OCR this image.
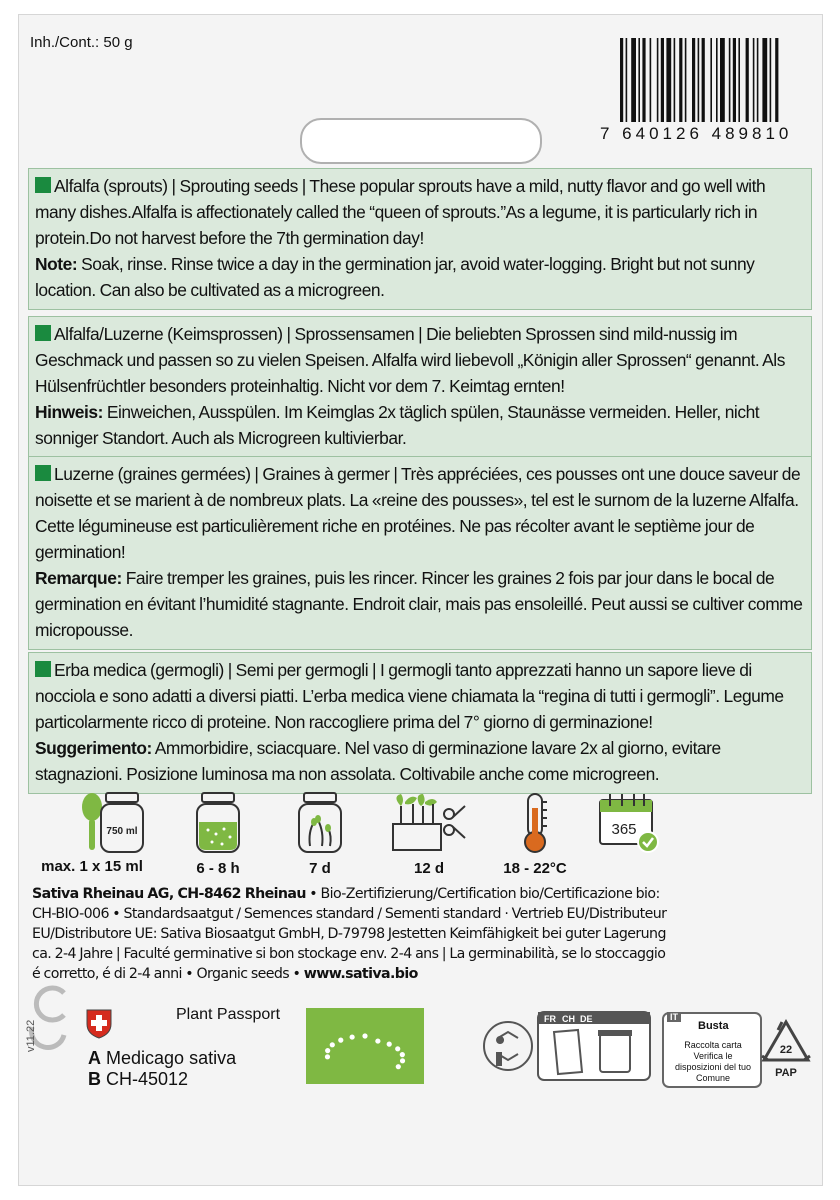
Inh./Cont.: 50 g
7 640126 489810

Alfalfa (sprouts) | Sprouting seeds | These popular sprouts have a mild, nutty flavor and go well with many dishes.Alfalfa is affectionately called the “queen of sprouts.”As a legume, it is particularly rich in protein.Do not harvest before the 7th germination day!

Note: Soak, rinse. Rinse twice a day in the germination jar, avoid water-logging. Bright but not sunny location. Can also be cultivated as a microgreen.

Alfalfa/Luzerne (Keimsprossen) | Sprossensamen | Die beliebten Sprossen sind mild-nussig im Geschmack und passen so zu vielen Speisen. Alfalfa wird liebevoll „Königin aller Sprossen“ genannt. Als Hülsenfrüchtler besonders proteinhaltig. Nicht vor dem 7. Keimtag ernten!

Hinweis: Einweichen, Ausspülen. Im Keimglas 2x täglich spülen, Staunässe vermeiden. Heller, nicht sonniger Standort. Auch als Microgreen kultivierbar.

Luzerne (graines germées) | Graines à germer | Très appréciées, ces pousses ont une douce saveur de noisette et se marient à de nombreux plats. La «reine des pousses», tel est le surnom de la luzerne Alfalfa. Cette légumineuse est particulièrement riche en protéines. Ne pas récolter avant le septième jour de germination!

Remarque: Faire tremper les graines, puis les rincer. Rincer les graines 2 fois par jour dans le bocal de germination en évitant l’humidité stagnante. Endroit clair, mais pas ensoleillé. Peut aussi se cultiver comme micropousse.

Erba medica (germogli) | Semi per germogli | I germogli tanto apprezzati hanno un sapore lieve di nocciola e sono adatti a diversi piatti. L’erba medica viene chiamata la “regina di tutti i germogli”. Legume particolarmente ricco di proteine. Non raccogliere prima del 7° giorno di germinazione!

Suggerimento: Ammorbidire, sciacquare. Nel vaso di germinazione lavare 2x al giorno, evitare stagnazioni. Posizione luminosa ma non assolata. Coltivabile anche come microgreen.

max. 1 x 15 ml
750 ml
6 - 8 h	7 d	12 d	18 - 22°C
365
Sativa Rheinau AG, CH-8462 Rheinau • Bio-Zertifizierung/Certification bio/Certificazione bio: CH-BIO-006 • Standardsaatgut / Semences standard / Sementi standard · Vertrieb EU/Distributeur EU/Distributore UE: Sativa Biosaatgut GmbH, D-79798 Jestetten Keimfähigkeit bei guter Lagerung ca. 2-4 Jahre | Faculté germinative si bon stockage env. 2-4 ans | La germinabilità, se lo stoccaggio é corretto, é di 2-4 anni • Organic seeds • www.sativa.bio
v11.22
Plant Passport
A Medicago sativa
B CH-45012
FR CH DE	IT
Busta
Raccolta carta Verifica le disposizioni del tuo Comune
22
PAP
